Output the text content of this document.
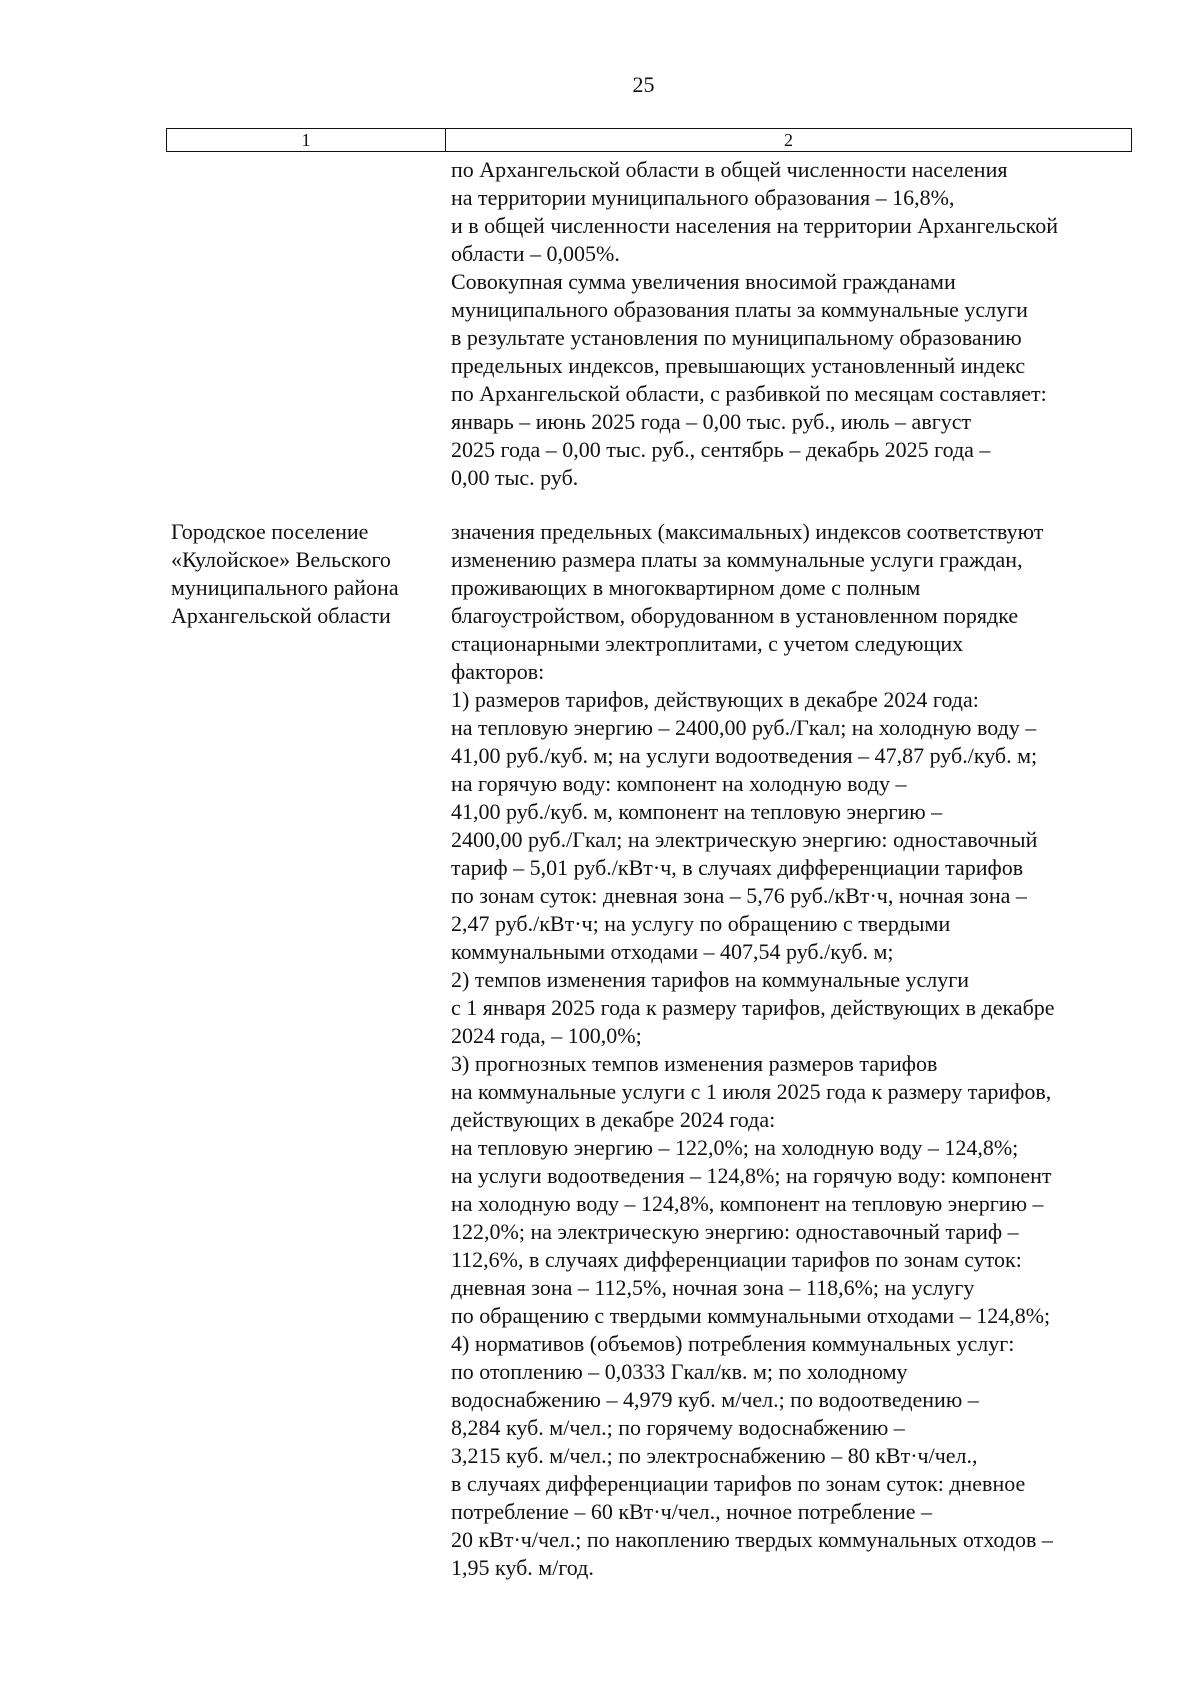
25
1	2
по Архангельской области в общей численности населения
на территории муниципального образования – 16,8%,
и в общей численности населения на территории Архангельской
области – 0,005%.
Совокупная сумма увеличения вносимой гражданами
муниципального образования платы за коммунальные услуги
в результате установления по муниципальному образованию
предельных индексов, превышающих установленный индекс
по Архангельской области, с разбивкой по месяцам составляет:
январь – июнь 2025 года – 0,00 тыс. руб., июль – август
2025 года – 0,00 тыс. руб., сентябрь – декабрь 2025 года –
0,00 тыс. руб.
Городское поселение
«Кулойское» Вельского
муниципального района
Архангельской области
значения предельных (максимальных) индексов соответствуют
изменению размера платы за коммунальные услуги граждан,
проживающих в многоквартирном доме с полным
благоустройством, оборудованном в установленном порядке
стационарными электроплитами, с учетом следующих
факторов:
1) размеров тарифов, действующих в декабре 2024 года:
на тепловую энергию – 2400,00 руб./Гкал; на холодную воду –
41,00 руб./куб. м; на услуги водоотведения – 47,87 руб./куб. м;
на горячую воду: компонент на холодную воду –
41,00 руб./куб. м, компонент на тепловую энергию –
2400,00 руб./Гкал; на электрическую энергию: одноставочный
тариф – 5,01 руб./кВт·ч, в случаях дифференциации тарифов
по зонам суток: дневная зона – 5,76 руб./кВт·ч, ночная зона –
2,47 руб./кВт·ч; на услугу по обращению с твердыми
коммунальными отходами – 407,54 руб./куб. м;
2) темпов изменения тарифов на коммунальные услуги
с 1 января 2025 года к размеру тарифов, действующих в декабре
2024 года, – 100,0%;
3) прогнозных темпов изменения размеров тарифов
на коммунальные услуги с 1 июля 2025 года к размеру тарифов,
действующих в декабре 2024 года:
на тепловую энергию – 122,0%; на холодную воду – 124,8%;
на услуги водоотведения – 124,8%; на горячую воду: компонент
на холодную воду – 124,8%, компонент на тепловую энергию –
122,0%; на электрическую энергию: одноставочный тариф –
112,6%, в случаях дифференциации тарифов по зонам суток:
дневная зона – 112,5%, ночная зона – 118,6%; на услугу
по обращению с твердыми коммунальными отходами – 124,8%;
4) нормативов (объемов) потребления коммунальных услуг:
по отоплению – 0,0333 Гкал/кв. м; по холодному
водоснабжению – 4,979 куб. м/чел.; по водоотведению –
8,284 куб. м/чел.; по горячему водоснабжению –
3,215 куб. м/чел.; по электроснабжению – 80 кВт·ч/чел.,
в случаях дифференциации тарифов по зонам суток: дневное
потребление – 60 кВт·ч/чел., ночное потребление –
20 кВт·ч/чел.; по накоплению твердых коммунальных отходов –
1,95 куб. м/год.
